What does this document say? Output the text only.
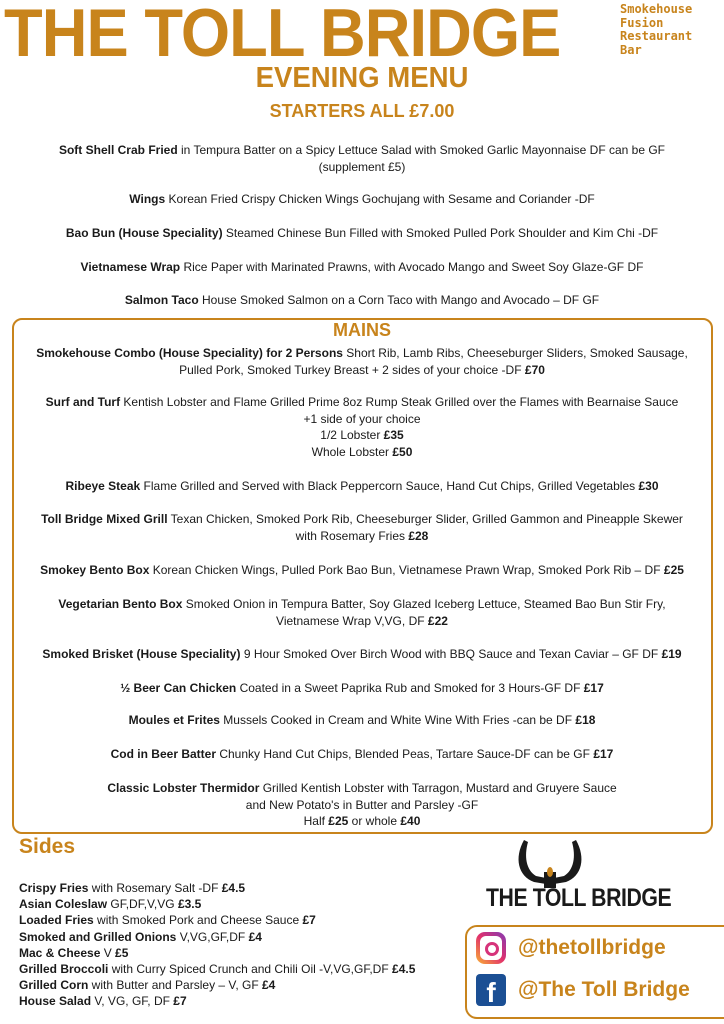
THE TOLL BRIDGE	Smokehouse
Fusion
Restaurant
Bar
EVENING MENU
STARTERS ALL £7.00
Soft Shell Crab Fried in Tempura Batter on a Spicy Lettuce Salad with Smoked Garlic Mayonnaise DF can be GF
(supplement £5)
Wings Korean Fried Crispy Chicken Wings Gochujang with Sesame and Coriander -DF
Bao Bun (House Speciality) Steamed Chinese Bun Filled with Smoked Pulled Pork Shoulder and Kim Chi -DF
Vietnamese Wrap Rice Paper with Marinated Prawns, with Avocado Mango and Sweet Soy Glaze-GF DF
Salmon Taco House Smoked Salmon on a Corn Taco with Mango and Avocado – DF GF
MAINS
Smokehouse Combo (House Speciality) for 2 Persons Short Rib, Lamb Ribs, Cheeseburger Sliders, Smoked Sausage,
Pulled Pork, Smoked Turkey Breast + 2 sides of your choice -DF £70
Surf and Turf Kentish Lobster and Flame Grilled Prime 8oz Rump Steak Grilled over the Flames with Bearnaise Sauce
+1 side of your choice
1/2 Lobster £35
Whole Lobster £50
Ribeye Steak Flame Grilled and Served with Black Peppercorn Sauce, Hand Cut Chips, Grilled Vegetables £30
Toll Bridge Mixed Grill Texan Chicken, Smoked Pork Rib, Cheeseburger Slider, Grilled Gammon and Pineapple Skewer
with Rosemary Fries £28
Smokey Bento Box Korean Chicken Wings, Pulled Pork Bao Bun, Vietnamese Prawn Wrap, Smoked Pork Rib – DF £25
Vegetarian Bento Box Smoked Onion in Tempura Batter, Soy Glazed Iceberg Lettuce, Steamed Bao Bun Stir Fry,
Vietnamese Wrap V,VG, DF £22
Smoked Brisket (House Speciality) 9 Hour Smoked Over Birch Wood with BBQ Sauce and Texan Caviar – GF DF £19
½ Beer Can Chicken Coated in a Sweet Paprika Rub and Smoked for 3 Hours-GF DF £17
Moules et Frites Mussels Cooked in Cream and White Wine With Fries -can be DF £18
Cod in Beer Batter Chunky Hand Cut Chips, Blended Peas, Tartare Sauce-DF can be GF £17
Classic Lobster Thermidor Grilled Kentish Lobster with Tarragon, Mustard and Gruyere Sauce
and New Potato's in Butter and Parsley -GF
Half £25 or whole £40
Sides
Crispy Fries with Rosemary Salt -DF £4.5
Asian Coleslaw GF,DF,V,VG £3.5
Loaded Fries with Smoked Pork and Cheese Sauce £7
Smoked and Grilled Onions V,VG,GF,DF £4
Mac & Cheese V £5
Grilled Broccoli with Curry Spiced Crunch and Chili Oil -V,VG,GF,DF £4.5
Grilled Corn with Butter and Parsley – V, GF £4
House Salad V, VG, GF, DF £7
THE TOLL BRIDGE
@thetollbridge
f	@The Toll Bridge
